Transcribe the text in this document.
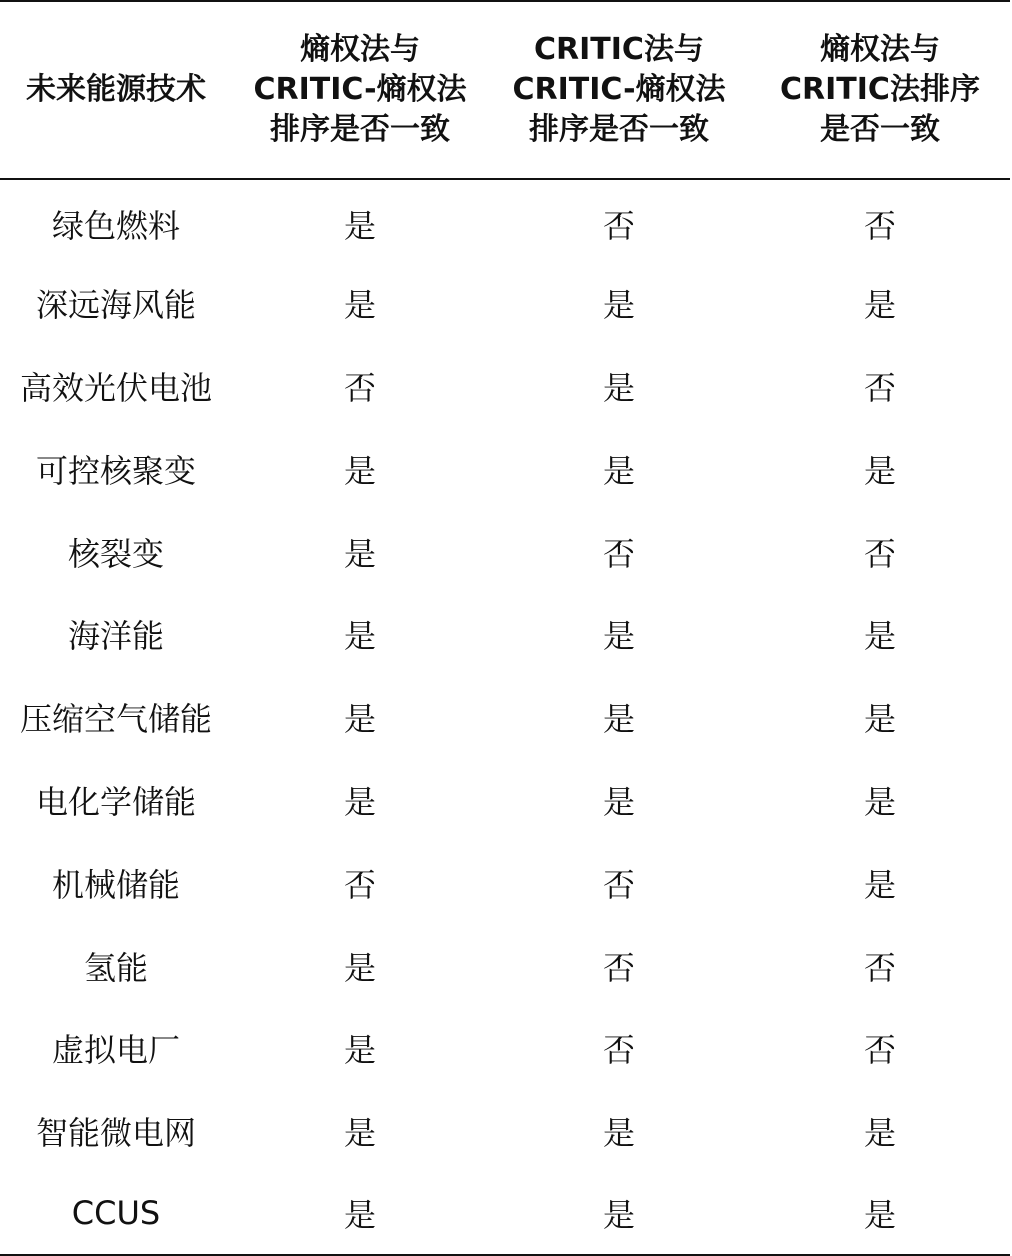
未来能源技术	熵权法与
CRITIC-熵权法
排序是否一致	CRITIC法与
CRITIC-熵权法
排序是否一致	熵权法与
CRITIC法排序
是否一致

绿色燃料	是	否	否
深远海风能	是	是	是
高效光伏电池	否	是	否
可控核聚变	是	是	是
核裂变	是	否	否
海洋能	是	是	是
压缩空气储能	是	是	是
电化学储能	是	是	是
机械储能	否	否	是
氢能	是	否	否
虚拟电厂	是	否	否
智能微电网	是	是	是
CCUS	是	是	是
